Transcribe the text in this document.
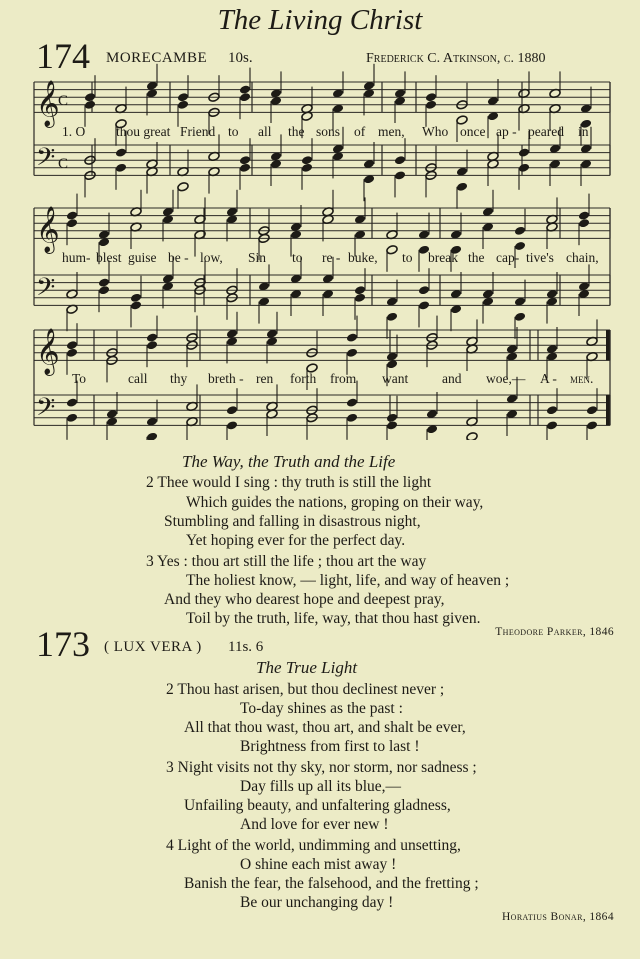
The Living Christ
174 MORECAMBE 10s.	Frederick C. Atkinson, c. 1880
𝄞
𝄢
C
C
𝄞
𝄢
𝄞
𝄢
1. O thou great Friend to all the sons of men, Who once ap - peared in
hum- blest guise be - low, Sin to re - buke, to break the cap- tive's chain,
To	call thy breth - ren forth from want	and woe,— A - men.
The Way, the Truth and the Life
2 Thee would I sing : thy truth is still the light
Which guides the nations, groping on their way,
Stumbling and falling in disastrous night,
Yet hoping ever for the perfect day.
3 Yes : thou art still the life ; thou art the way
The holiest know, — light, life, and way of heaven ;
And they who dearest hope and deepest pray,
Toil by the truth, life, way, that thou hast given.
Theodore Parker, 1846
173 ( LUX VERA ) 11s. 6
The True Light
2 Thou hast arisen, but thou declinest never ;
To-day shines as the past :
All that thou wast, thou art, and shalt be ever,
Brightness from first to last !
3 Night visits not thy sky, nor storm, nor sadness ;
Day fills up all its blue,—
Unfailing beauty, and unfaltering gladness,
And love for ever new !
4 Light of the world, undimming and unsetting,
O shine each mist away !
Banish the fear, the falsehood, and the fretting ;
Be our unchanging day !
Horatius Bonar, 1864
